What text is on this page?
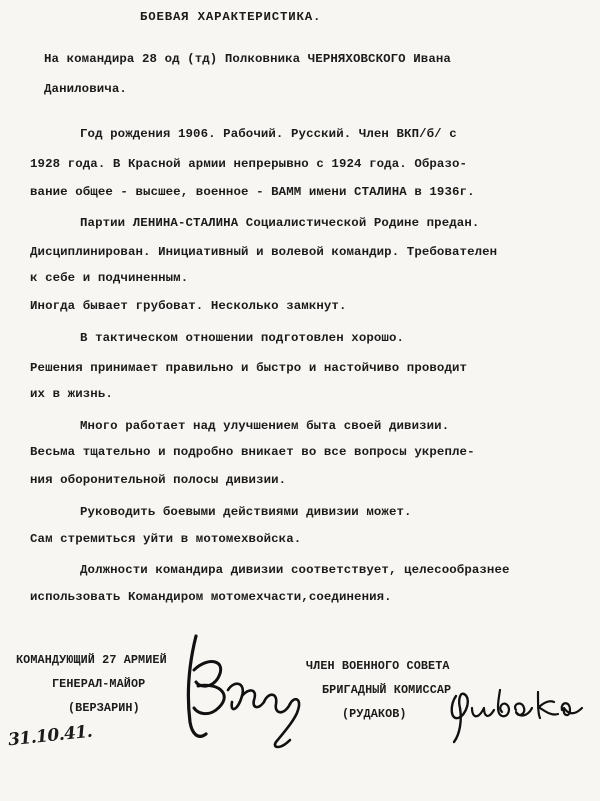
БОЕВАЯ ХАРАКТЕРИСТИКА.
На командира 28 од (тд) Полковника ЧЕРНЯХОВСКОГО Ивана
Даниловича.
Год рождения 1906. Рабочий. Русский. Член ВКП/б/ с
1928 года. В Красной армии непрерывно с 1924 года. Образо-
вание общее - высшее, военное - ВАММ имени СТАЛИНА в 1936г.
Партии ЛЕНИНА-СТАЛИНА Социалистической Родине предан.
Дисциплинирован. Инициативный и волевой командир. Требователен
к себе и подчиненным.
Иногда бывает грубоват. Несколько замкнут.
В тактическом отношении подготовлен хорошо.
Решения принимает правильно и быстро и настойчиво проводит
их в жизнь.
Много работает над улучшением быта своей дивизии.
Весьма тщательно и подробно вникает во все вопросы укрепле-
ния оборонительной полосы дивизии.
Руководить боевыми действиями дивизии может.
Сам стремиться уйти в мотомехвойска.
Должности командира дивизии соответствует, целесообразнее
использовать Командиром мотомехчасти,соединения.
КОМАНДУЮЩИЙ 27 АРМИЕЙ
ГЕНЕРАЛ-МАЙОР
(ВЕРЗАРИН)
ЧЛЕН ВОЕННОГО СОВЕТА
БРИГАДНЫЙ КОМИССАР
(РУДАКОВ)
31.10.41.
